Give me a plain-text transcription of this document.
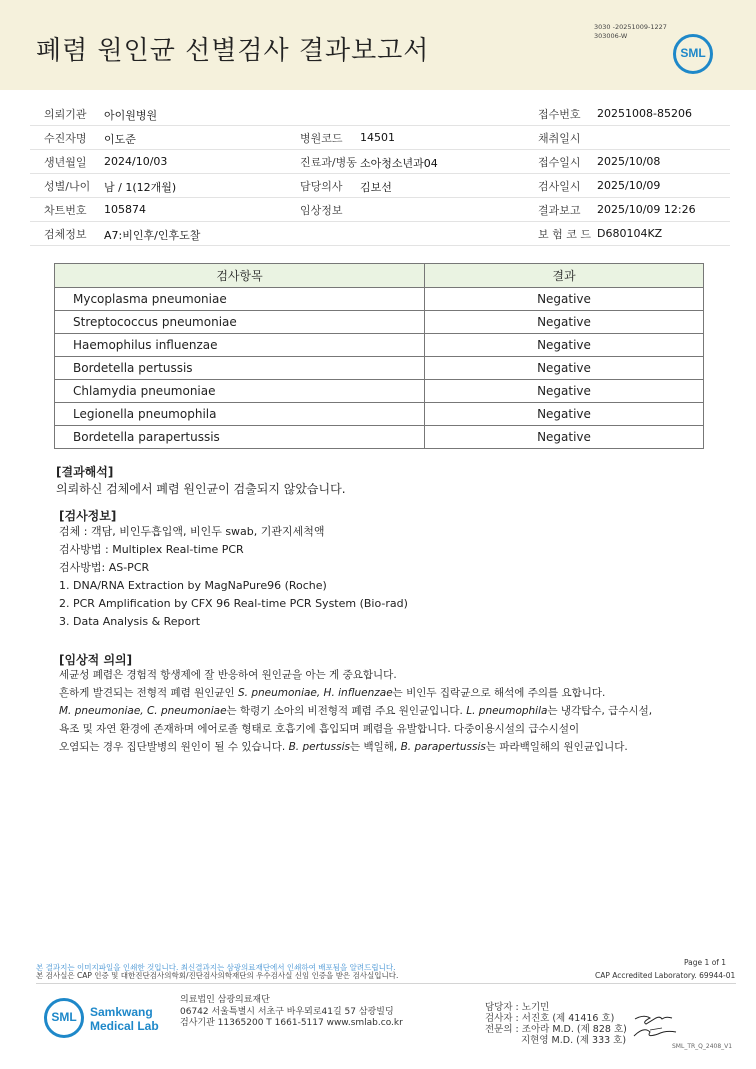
폐렴 원인균 선별검사 결과보고서
3030 -20251009-1227
303006-W
SML
의뢰기관 아이원병원	접수번호 20251008-85206
수진자명 이도준	병원코드 14501	채취일시
생년월일 2024/10/03	진료과/병동 소아청소년과04	접수일시 2025/10/08
성별/나이 남 / 1(12개월)	담당의사 김보선	검사일시 2025/10/09
차트번호 105874	임상정보	결과보고 2025/10/09 12:26
검체정보 A7:비인후/인후도찰	보 험 코 드 D680104KZ
검사항목	결과
Mycoplasma pneumoniae	Negative
Streptococcus pneumoniae	Negative
Haemophilus influenzae	Negative
Bordetella pertussis	Negative
Chlamydia pneumoniae	Negative
Legionella pneumophila	Negative
Bordetella parapertussis	Negative
[결과해석]
의뢰하신 검체에서 폐렴 원인균이 검출되지 않았습니다.
[검사정보]
검체 : 객담, 비인두흡입액, 비인두 swab, 기관지세척액
검사방법 : Multiplex Real-time PCR
검사방법: AS-PCR
1. DNA/RNA Extraction by MagNaPure96 (Roche)
2. PCR Amplification by CFX 96 Real-time PCR System (Bio-rad)
3. Data Analysis & Report
[임상적 의의]
세균성 폐렴은 경험적 항생제에 잘 반응하여 원인균을 아는 게 중요합니다.
흔하게 발견되는 전형적 폐렴 원인균인 S. pneumoniae, H. influenzae는 비인두 집락균으로 해석에 주의를 요합니다.
M. pneumoniae, C. pneumoniae는 학령기 소아의 비전형적 폐렴 주요 원인균입니다. L. pneumophila는 냉각탑수, 급수시설,
욕조 및 자연 환경에 존재하며 에어로졸 형태로 호흡기에 흡입되며 폐렴을 유발합니다. 다중이용시설의 급수시설이
오염되는 경우 집단발병의 원인이 될 수 있습니다. B. pertussis는 백일해, B. parapertussis는 파라백일해의 원인균입니다.
Page 1 of 1
본 결과지는 이미지파일을 인쇄한 것입니다. 최신결과지는 삼광의료재단에서 인쇄하여 배포됨을 알려드립니다.
본 검사실은 CAP 인증 및 대한진단검사의학회/진단검사의학재단의 우수검사실 신임 인증을 받은 검사실입니다.	CAP Accredited Laboratory. 69944-01
SML	Samkwang
Medical Lab
의료법인 삼광의료재단
06742 서울특별시 서초구 바우뫼로41길 57 삼광빌딩
검사기관 11365200 T 1661-5117 www.smlab.co.kr
담당자 : 노기민
검사자 : 서진호 (제 41416 호)
전문의 : 조아라 M.D. (제 828 호)
지현영 M.D. (제 333 호)
SML_TR_Q_2408_V1
